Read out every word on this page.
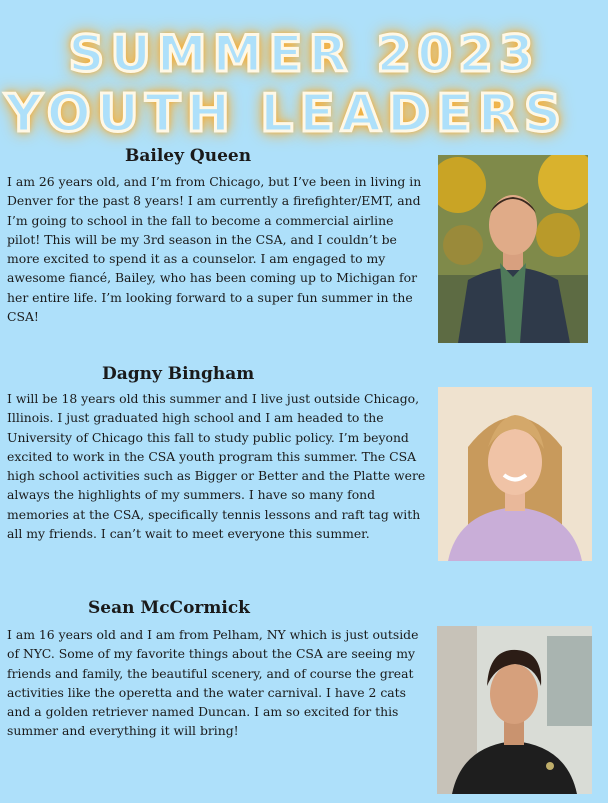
SUMMER 2023
YOUTH LEADERS
Bailey Queen

I am 26 years old, and I’m from Chicago, but I’ve been in living in Denver for the past 8 years! I am currently a firefighter/EMT, and I’m going to school in the fall to become a commercial airline pilot! This will be my 3rd season in the CSA, and I couldn’t be more excited to spend it as a counselor. I am engaged to my awesome fiancé, Bailey, who has been coming up to Michigan for her entire life. I’m looking forward to a super fun summer in the CSA!

Dagny Bingham

I will be 18 years old this summer and I live just outside Chicago, Illinois. I just graduated high school and I am headed to the University of Chicago this fall to study public policy. I’m beyond excited to work in the CSA youth program this summer. The CSA high school activities such as Bigger or Better and the Platte were always the highlights of my summers. I have so many fond memories at the CSA, specifically tennis lessons and raft tag with all my friends. I can’t wait to meet everyone this summer.

Sean McCormick

I am 16 years old and I am from Pelham, NY which is just outside of NYC. Some of my favorite things about the CSA are seeing my friends and family, the beautiful scenery, and of course the great activities like the operetta and the water carnival. I have 2 cats and a golden retriever named Duncan. I am so excited for this summer and everything it will bring!
